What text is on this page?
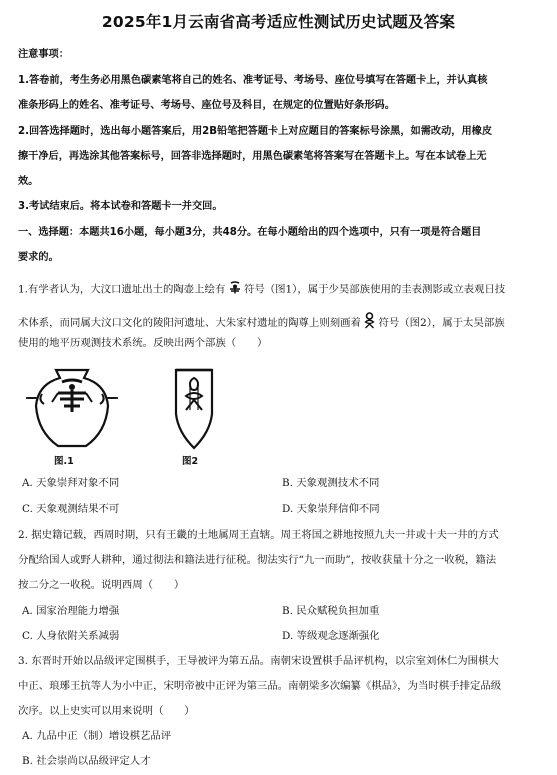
2025年1月云南省高考适应性测试历史试题及答案
注意事项：
1.答卷前，考生务必用黑色碳素笔将自己的姓名、准考证号、考场号、座位号填写在答题卡上，并认真核
准条形码上的姓名、准考证号、考场号、座位号及科目，在规定的位置贴好条形码。
2.回答选择题时，选出每小题答案后，用2B铅笔把答题卡上对应题目的答案标号涂黑，如需改动，用橡皮
擦干净后，再选涂其他答案标号，回答非选择题时，用黑色碳素笔将答案写在答题卡上。写在本试卷上无
效。
3.考试结束后。将本试卷和答题卡一并交回。
一、选择题：本题共16小题，每小题3分，共48分。在每小题给出的四个选项中，只有一项是符合题目
要求的。
1.有学者认为，大汶口遗址出土的陶壶上绘有 符号（图1），属于少昊部族使用的圭表测影或立表观日技
术体系，而同属大汶口文化的陵阳河遗址、大朱家村遗址的陶尊上则刻画着 符号（图2），属于太昊部族
使用的地平历观测技术系统。反映出两个部族（　　）
图.1	图2
A. 天象崇拜对象不同	B. 天象观测技术不同
C. 天象观测结果不可	D. 天象崇拜信仰不同
2. 据史籍记载，西周时期，只有王畿的土地属周王直辖。周王将国之耕地按照九夫一井或十夫一井的方式
分配给国人或野人耕种，通过彻法和籍法进行征税。彻法实行“九一而助”，按收获量十分之一收税，籍法
按二分之一收税。说明西周（　　）
A. 国家治理能力增强	B. 民众赋税负担加重
C. 人身依附关系减弱	D. 等级观念逐渐强化
3. 东晋时开始以品级评定围棋手，王导被评为第五品。南朝宋设置棋手品评机构，以宗室刘休仁为围棋大
中正、琅琊王抗等人为小中正，宋明帝被中正评为第三品。南朝梁多次编纂《棋品》，为当时棋手排定品级
次序。以上史实可以用来说明（　　）
A. 九品中正（制）增设棋艺品评
B. 社会崇尚以品级评定人才
